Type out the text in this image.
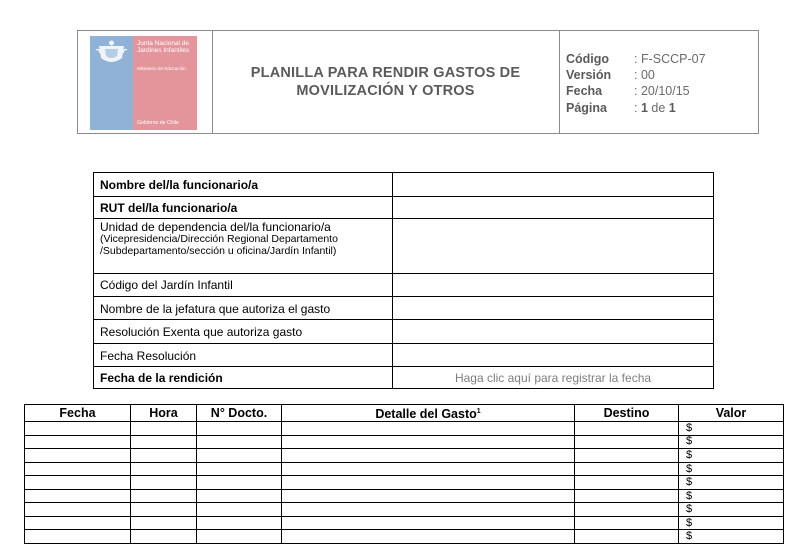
Junta Nacional de Jardines Infantiles
Ministerio de Educación
Gobierno de Chile
PLANILLA PARA RENDIR GASTOS DE
MOVILIZACIÓN Y OTROS
Código	: F-SCCP-07
Versión	: 00
Fecha	: 20/10/15
Página	: 1 de 1
Nombre del/la funcionario/a
RUT del/la funcionario/a
Unidad de dependencia del/la funcionario/a
(Vicepresidencia/Dirección Regional Departamento /Subdepartamento/sección u oficina/Jardín Infantil)
Código del Jardín Infantil
Nombre de la jefatura que autoriza el gasto
Resolución Exenta que autoriza gasto
Fecha Resolución
Fecha de la rendición	Haga clic aquí para registrar la fecha
Fecha	Hora	N° Docto.	Detalle del Gasto$^1$	Destino	Valor
					$
					$
					$
					$
					$
					$
					$
					$
					$
